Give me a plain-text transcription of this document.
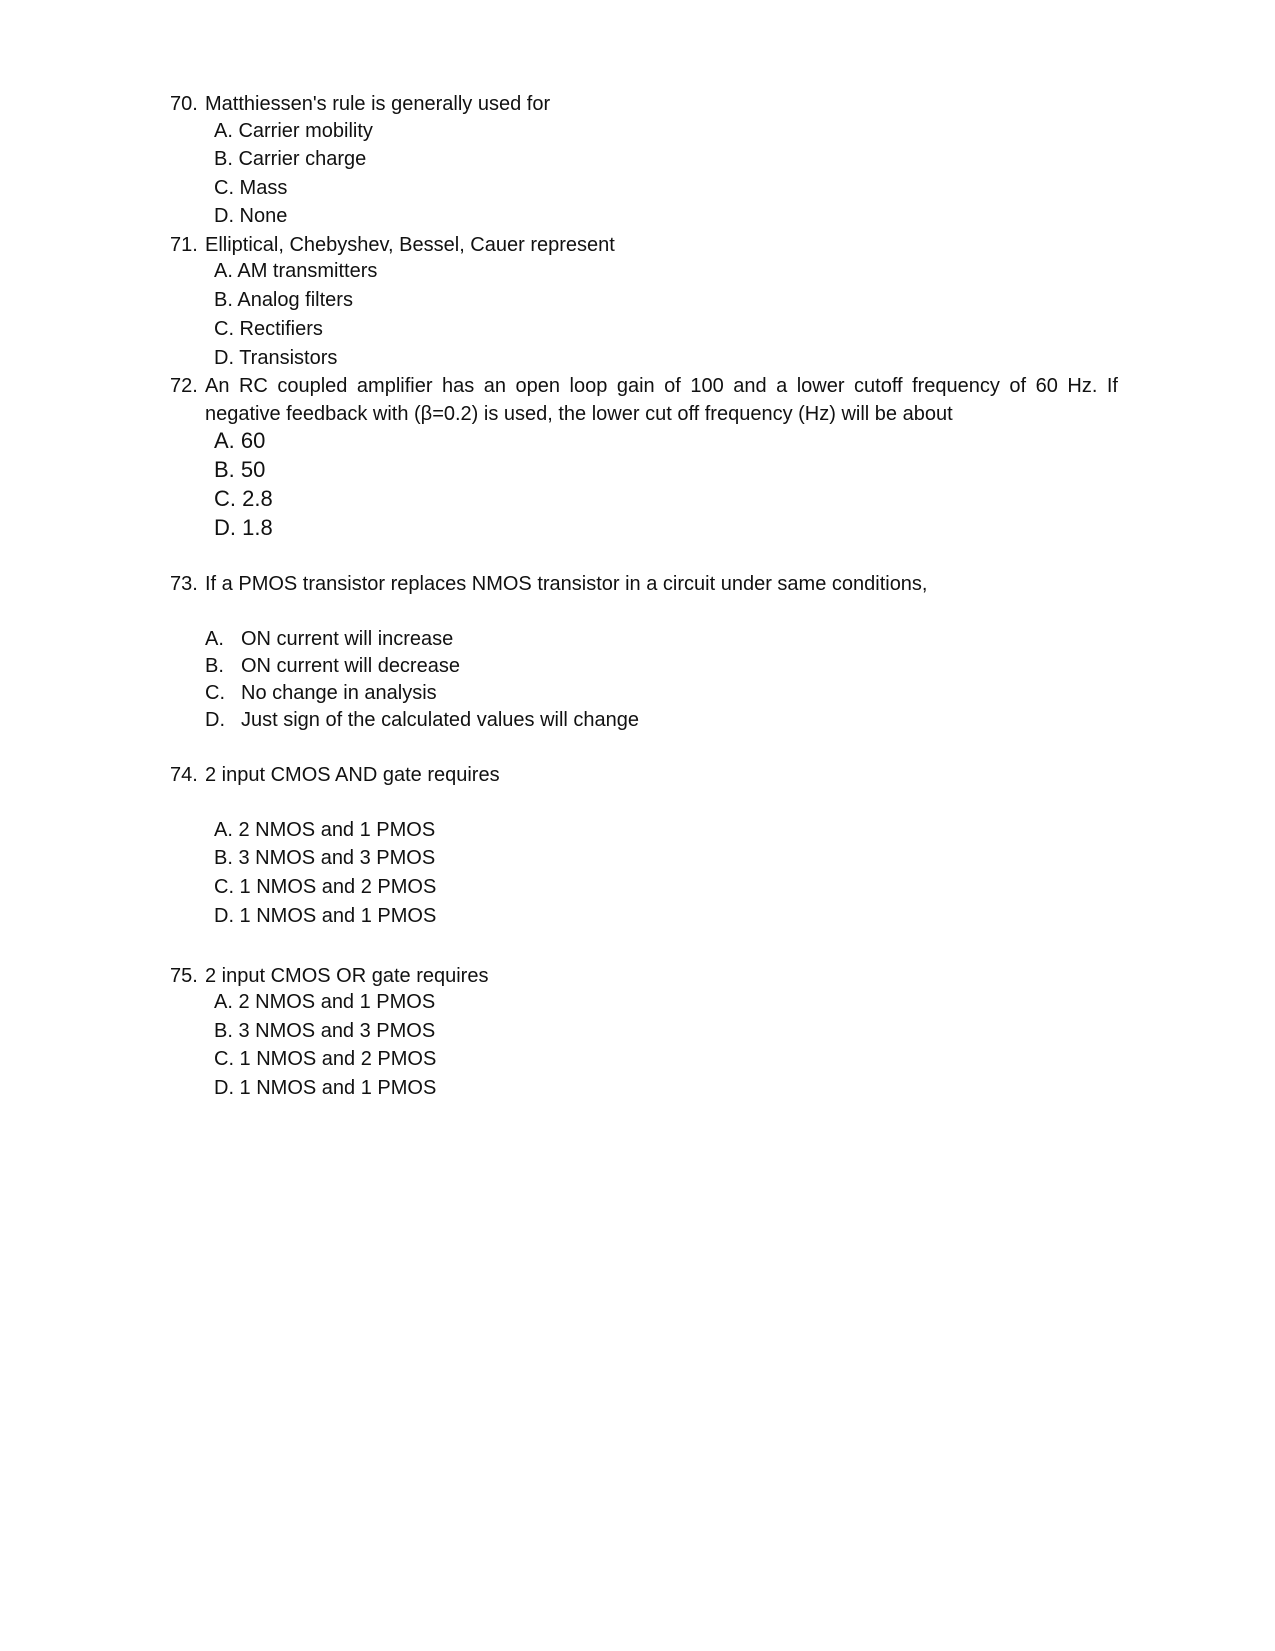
70. Matthiessen's rule is generally used for
A. Carrier mobility
B. Carrier charge
C. Mass
D. None
71. Elliptical, Chebyshev, Bessel, Cauer represent
A. AM transmitters
B. Analog filters
C. Rectifiers
D. Transistors
72. An RC coupled amplifier has an open loop gain of 100 and a lower cutoff frequency of 60 Hz. If negative feedback with (β=0.2) is used, the lower cut off frequency (Hz) will be about
A. 60
B. 50
C. 2.8
D. 1.8
73. If a PMOS transistor replaces NMOS transistor in a circuit under same conditions,
A. ON current will increase
B. ON current will decrease
C. No change in analysis
D. Just sign of the calculated values will change
74. 2 input CMOS AND gate requires
A. 2 NMOS and 1 PMOS
B. 3 NMOS and 3 PMOS
C. 1 NMOS and 2 PMOS
D. 1 NMOS and 1 PMOS
75. 2 input CMOS OR gate requires
A. 2 NMOS and 1 PMOS
B. 3 NMOS and 3 PMOS
C. 1 NMOS and 2 PMOS
D. 1 NMOS and 1 PMOS
